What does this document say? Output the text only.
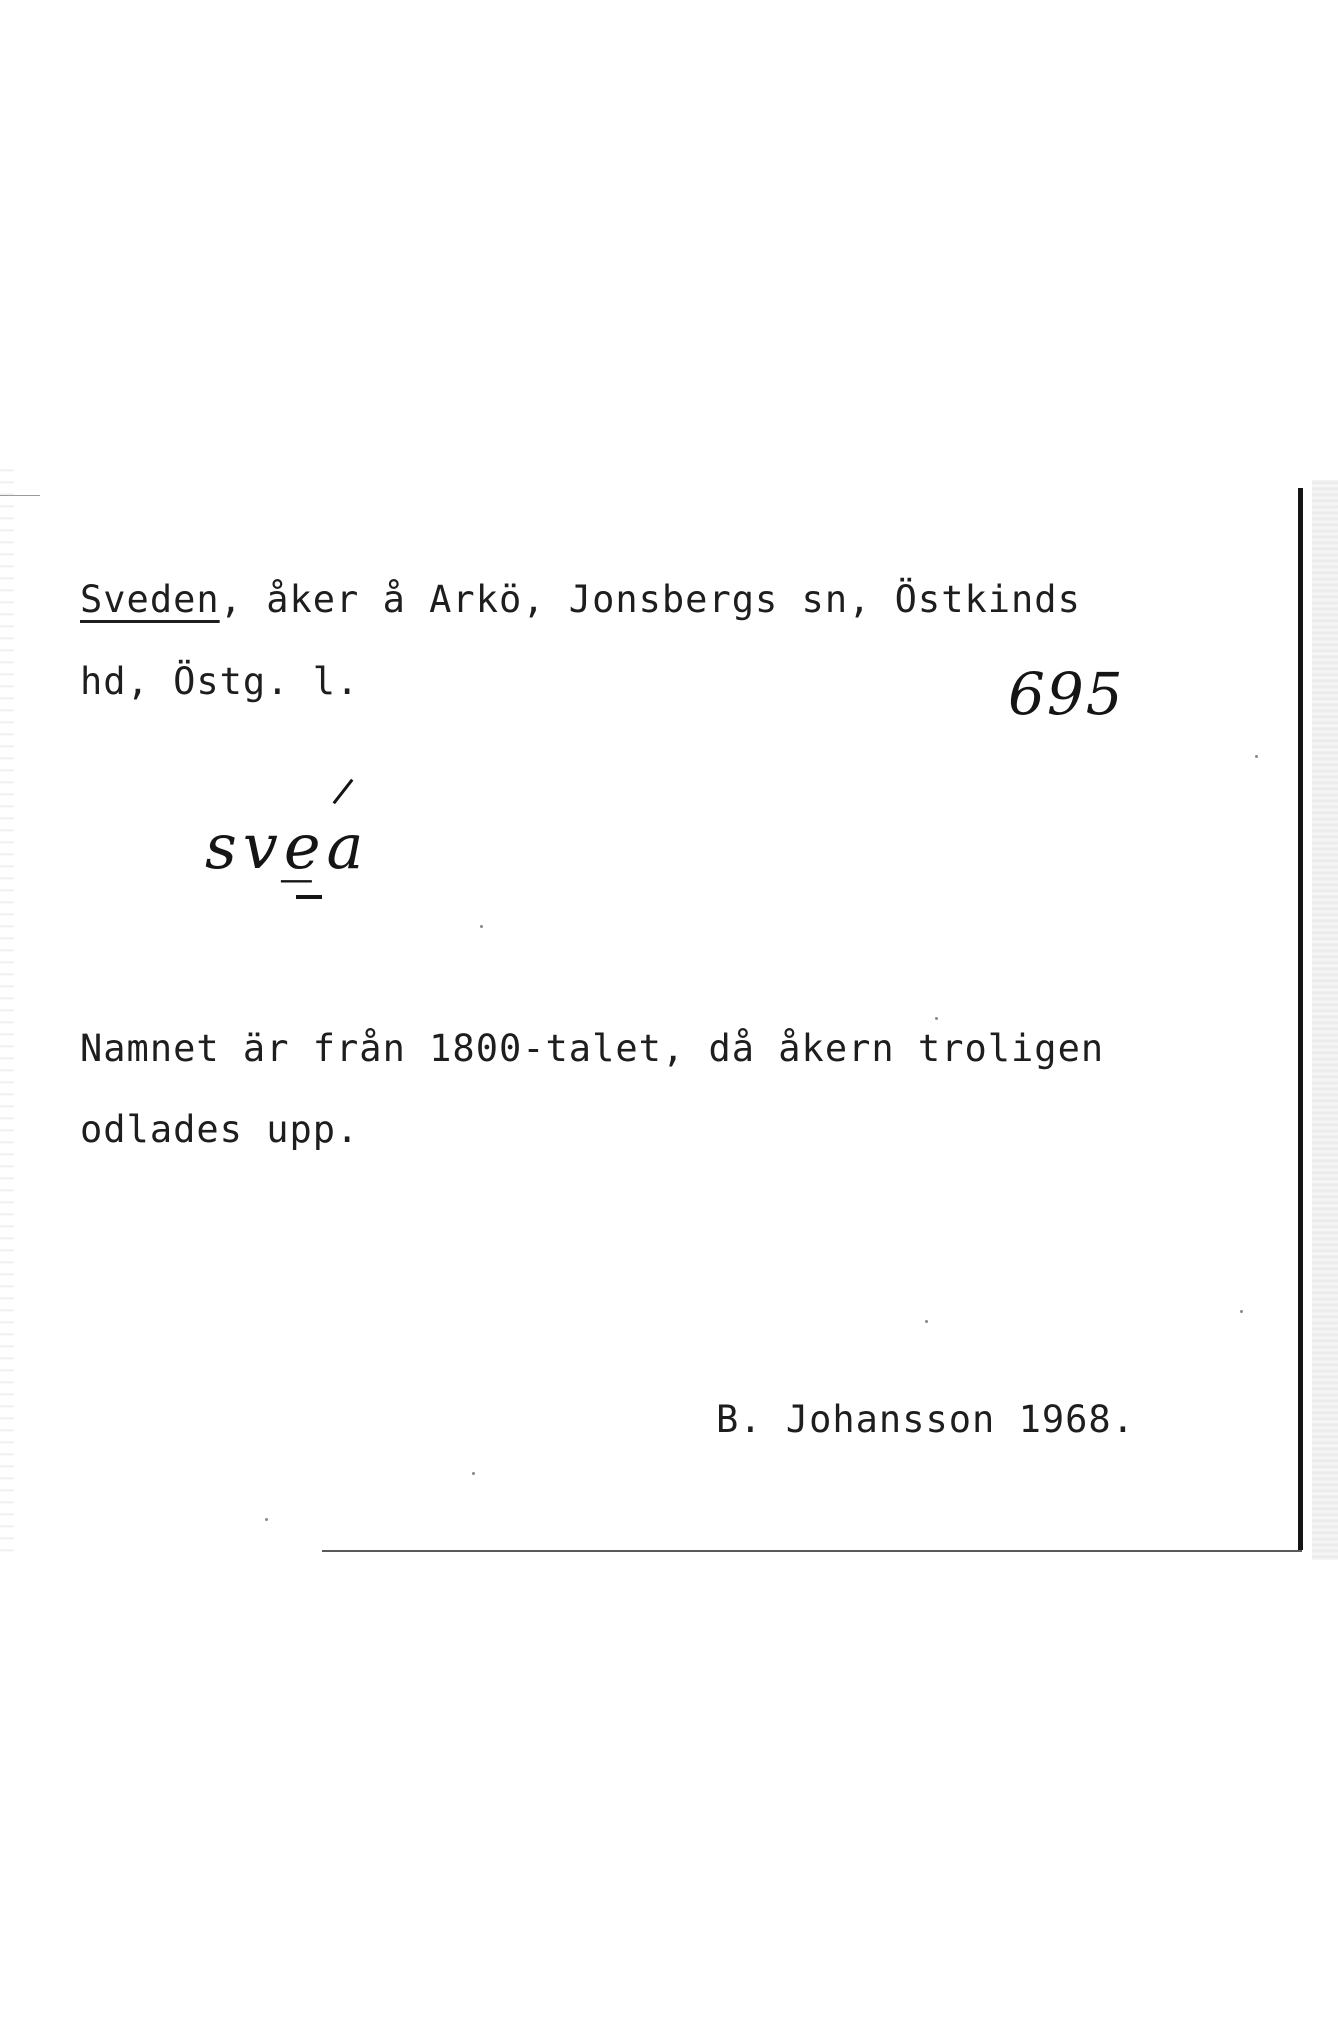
Sveden, åker å Arkö, Jonsbergs sn, Östkinds

hd, Östg. l.	695

sve̲a

Namnet är från 1800-talet, då åkern troligen

odlades upp.

B. Johansson 1968.
